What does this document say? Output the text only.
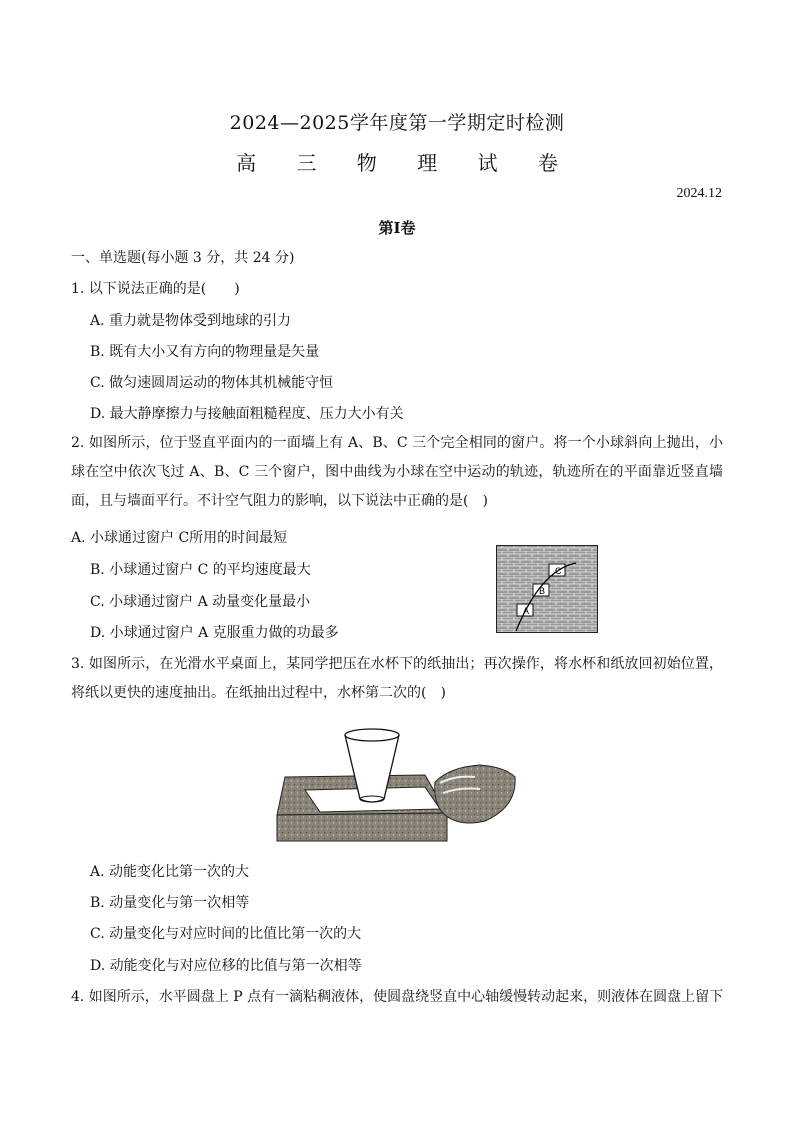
2024—2025学年度第一学期定时检测
高 三 物 理 试 卷
2024.12
第Ⅰ卷
一、单选题(每小题 3 分，共 24 分)
1. 以下说法正确的是(　　)
A. 重力就是物体受到地球的引力
B. 既有大小又有方向的物理量是矢量
C. 做匀速圆周运动的物体其机械能守恒
D. 最大静摩擦力与接触面粗糙程度、压力大小有关
2. 如图所示，位于竖直平面内的一面墙上有 A、B、C 三个完全相同的窗户。将一个小球斜向上抛出，小球在空中依次飞过 A、B、C 三个窗户，图中曲线为小球在空中运动的轨迹，轨迹所在的平面靠近竖直墙面，且与墙面平行。不计空气阻力的影响，以下说法中正确的是(　)
A. 小球通过窗户 C所用的时间最短
B. 小球通过窗户 C 的平均速度最大
C. 小球通过窗户 A 动量变化量最小
D. 小球通过窗户 A 克服重力做的功最多
A
B
C
3. 如图所示，在光滑水平桌面上，某同学把压在水杯下的纸抽出；再次操作，将水杯和纸放回初始位置，将纸以更快的速度抽出。在纸抽出过程中，水杯第二次的(　)
A. 动能变化比第一次的大
B. 动量变化与第一次相等
C. 动量变化与对应时间的比值比第一次的大
D. 动能变化与对应位移的比值与第一次相等
4. 如图所示，水平圆盘上 P 点有一滴粘稠液体，使圆盘绕竖直中心轴缓慢转动起来，则液体在圆盘上留下
